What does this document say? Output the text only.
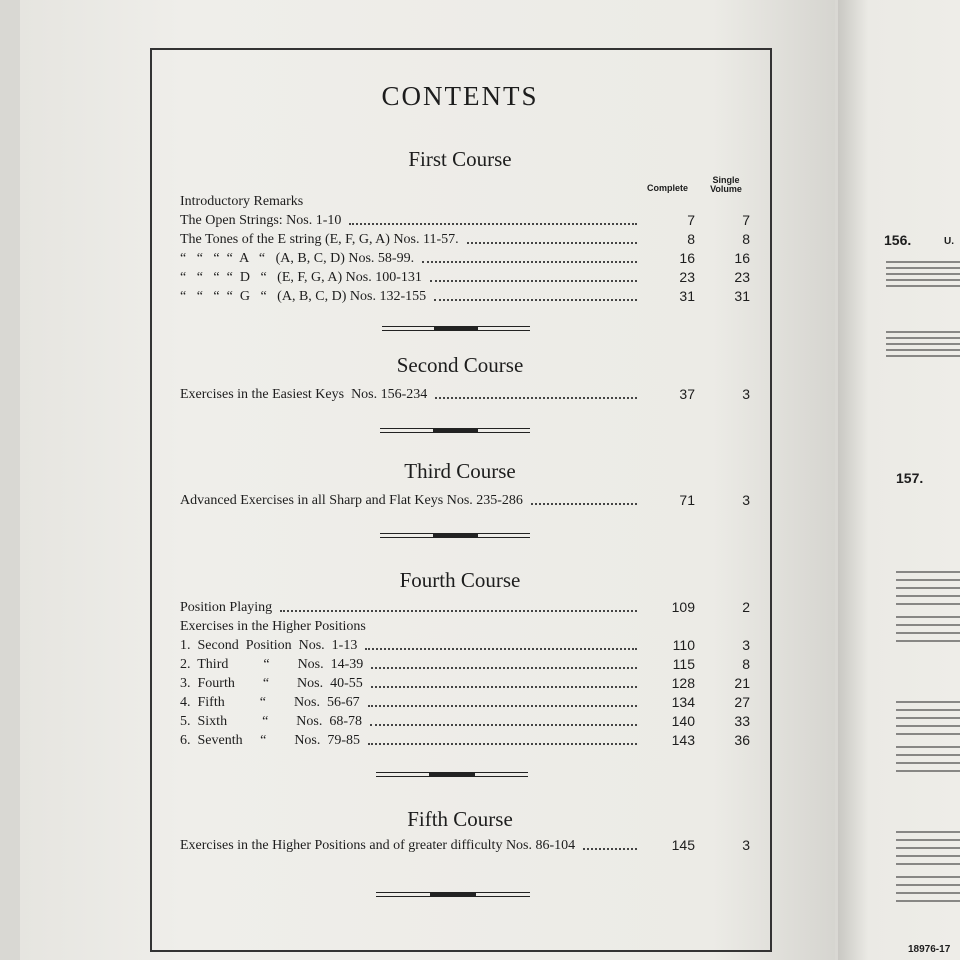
156.	U.
157.
18976-17
CONTENTS
Complete
Single Volume
First Course
Introductory Remarks
The Open Strings: Nos. 1-10	7	7
The Tones of the E string (E, F, G, A) Nos. 11-57.	8	8
“   “   “  “  A   “   (A, B, C, D) Nos. 58-99.	16	16
“   “   “  “  D   “   (E, F, G, A) Nos. 100-131	23	23
“   “   “  “  G   “   (A, B, C, D) Nos. 132-155	31	31
Second Course
Exercises in the Easiest Keys  Nos. 156-234	37	3
Third Course
Advanced Exercises in all Sharp and Flat Keys Nos. 235-286	71	3
Fourth Course
Position Playing	109	2
Exercises in the Higher Positions
1.  Second  Position  Nos.  1-13	110	3
2.  Third          “        Nos.  14-39	115	8
3.  Fourth        “        Nos.  40-55	128	21
4.  Fifth          “        Nos.  56-67	134	27
5.  Sixth          “        Nos.  68-78	140	33
6.  Seventh     “        Nos.  79-85	143	36
Fifth Course
Exercises in the Higher Positions and of greater difficulty Nos. 86-104	145	3
